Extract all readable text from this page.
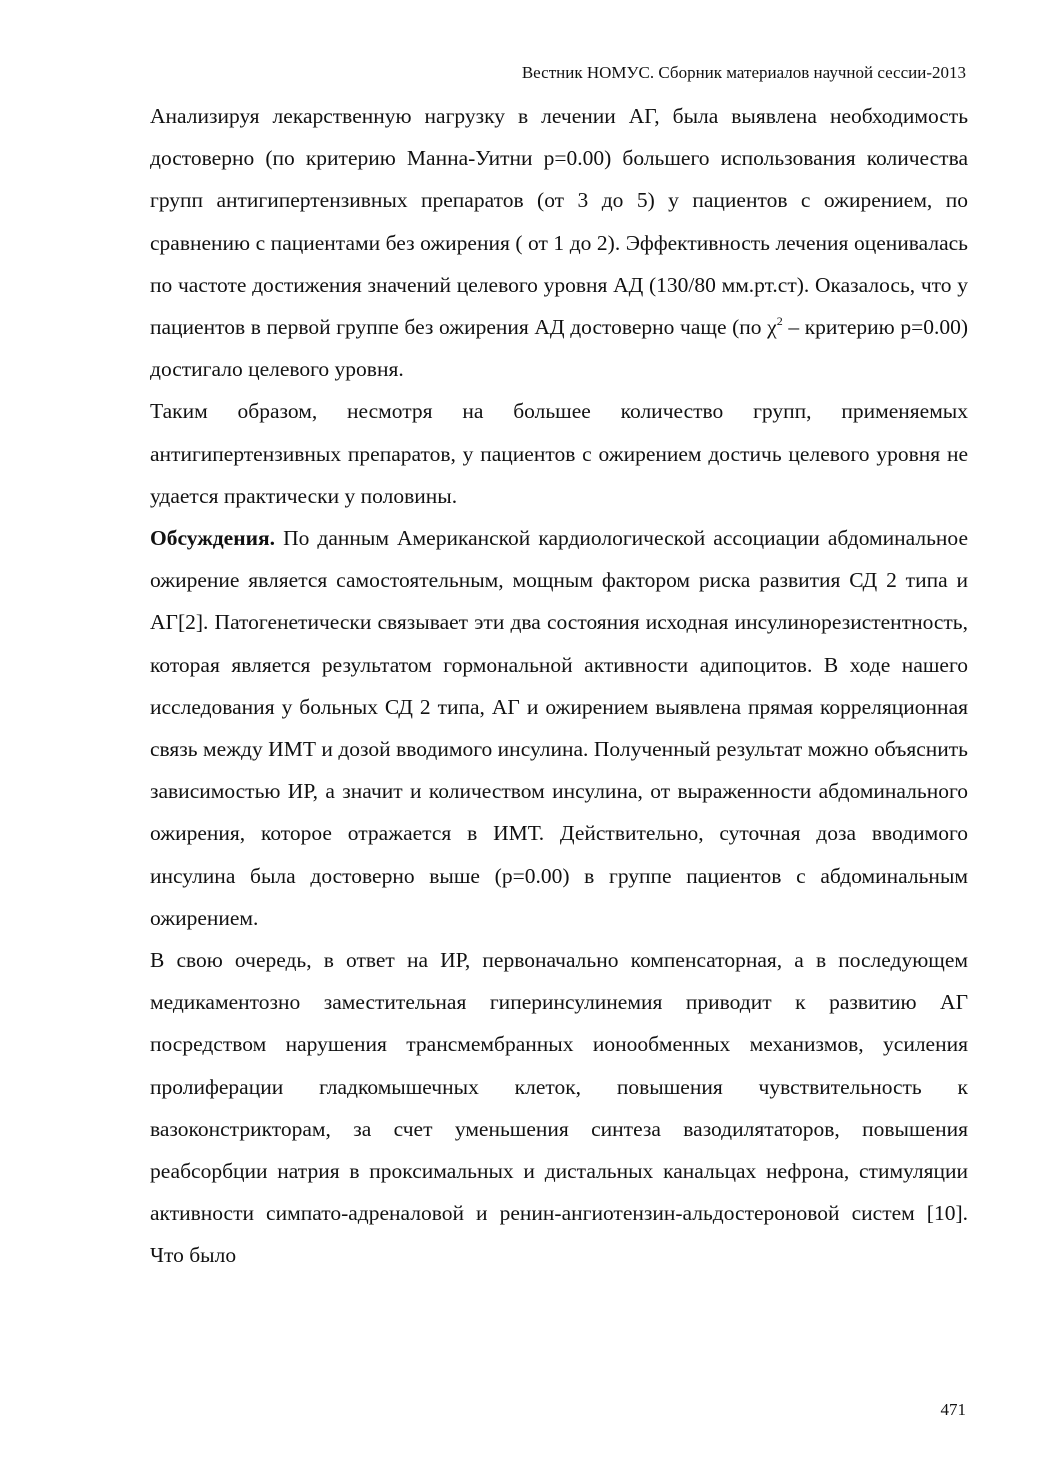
Вестник НОМУС. Сборник материалов научной сессии-2013

Анализируя лекарственную нагрузку в лечении АГ, была выявлена необходимость достоверно (по критерию Манна-Уитни p=0.00) большего использования количества групп антигипертензивных препаратов (от 3 до 5) у пациентов с ожирением, по сравнению с пациентами без ожирения ( от 1 до 2). Эффективность лечения оценивалась по частоте достижения значений целевого уровня АД (130/80 мм.рт.ст). Оказалось, что у пациентов в первой группе без ожирения АД достоверно чаще (по $\chi^2$ – критерию p=0.00) достигало целевого уровня.

Таким образом, несмотря на большее количество групп, применяемых антигипертензивных препаратов, у пациентов с ожирением достичь целевого уровня не удается практически у половины.

Обсуждения. По данным Американской кардиологической ассоциации абдоминальное ожирение является самостоятельным, мощным фактором риска развития СД 2 типа и АГ[2]. Патогенетически связывает эти два состояния исходная инсулинорезистентность, которая является результатом гормональной активности адипоцитов. В ходе нашего исследования у больных СД 2 типа, АГ и ожирением выявлена прямая корреляционная связь между ИМТ и дозой вводимого инсулина. Полученный результат можно объяснить зависимостью ИР, а значит и количеством инсулина, от выраженности абдоминального ожирения, которое отражается в ИМТ. Действительно, суточная доза вводимого инсулина была достоверно выше (p=0.00) в группе пациентов с абдоминальным ожирением.

В свою очередь, в ответ на ИР, первоначально компенсаторная, а в последующем медикаментозно заместительная гиперинсулинемия приводит к развитию АГ посредством нарушения трансмембранных ионообменных механизмов, усиления пролиферации гладкомышечных клеток, повышения чувствительность к вазоконстрикторам, за счет уменьшения синтеза вазодилятаторов, повышения реабсорбции натрия в проксимальных и дистальных канальцах нефрона, стимуляции активности симпато-адреналовой и ренин-ангиотензин-альдостероновой систем [10]. Что было

471
